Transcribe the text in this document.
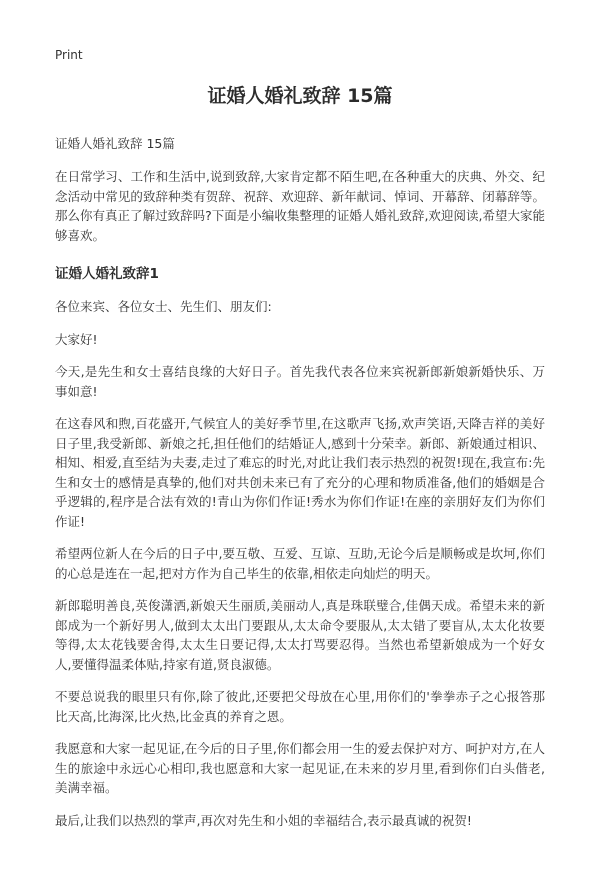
Print
证婚人婚礼致辞 15篇

证婚人婚礼致辞 15篇

在日常学习、工作和生活中,说到致辞,大家肯定都不陌生吧,在各种重大的庆典、外交、纪念活动中常见的致辞种类有贺辞、祝辞、欢迎辞、新年献词、悼词、开幕辞、闭幕辞等。那么你有真正了解过致辞吗?下面是小编收集整理的证婚人婚礼致辞,欢迎阅读,希望大家能够喜欢。

证婚人婚礼致辞1

各位来宾、各位女士、先生们、朋友们:

大家好!

今天,是先生和女士喜结良缘的大好日子。首先我代表各位来宾祝新郎新娘新婚快乐、万事如意!

在这春风和煦,百花盛开,气候宜人的美好季节里,在这歌声飞扬,欢声笑语,天降吉祥的美好日子里,我受新郎、新娘之托,担任他们的结婚证人,感到十分荣幸。新郎、新娘通过相识、相知、相爱,直至结为夫妻,走过了难忘的时光,对此让我们表示热烈的祝贺!现在,我宣布:先生和女士的感情是真挚的,他们对共创未来已有了充分的心理和物质准备,他们的婚姻是合乎逻辑的,程序是合法有效的!青山为你们作证!秀水为你们作证!在座的亲朋好友们为你们作证!

希望两位新人在今后的日子中,要互敬、互爱、互谅、互助,无论今后是顺畅或是坎坷,你们的心总是连在一起,把对方作为自己毕生的依靠,相依走向灿烂的明天。

新郎聪明善良,英俊潇洒,新娘天生丽质,美丽动人,真是珠联璧合,佳偶天成。希望未来的新郎成为一个新好男人,做到太太出门要跟从,太太命令要服从,太太错了要盲从,太太化妆要等得,太太花钱要舍得,太太生日要记得,太太打骂要忍得。当然也希望新娘成为一个好女人,要懂得温柔体贴,持家有道,贤良淑德。

不要总说我的眼里只有你,除了彼此,还要把父母放在心里,用你们的'拳拳赤子之心报答那比天高,比海深,比火热,比金真的养育之恩。

我愿意和大家一起见证,在今后的日子里,你们都会用一生的爱去保护对方、呵护对方,在人生的旅途中永远心心相印,我也愿意和大家一起见证,在未来的岁月里,看到你们白头偕老,美满幸福。

最后,让我们以热烈的掌声,再次对先生和小姐的幸福结合,表示最真诚的祝贺!
